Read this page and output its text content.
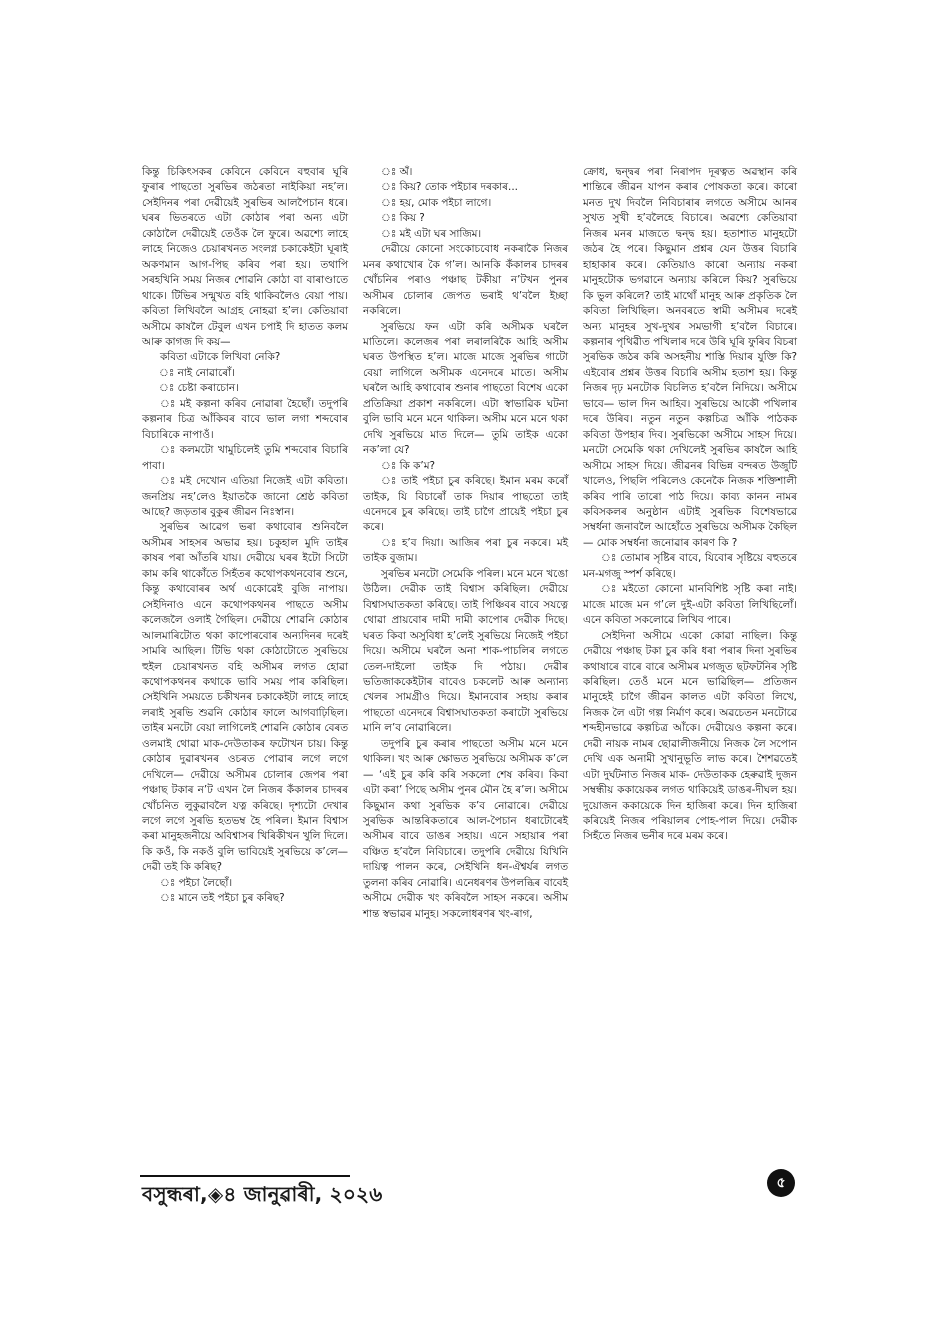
কিন্তু চিকিৎসকৰ কেবিনে কেবিনে বহুবাৰ ঘূৰি ফুৰাৰ পাছতো সুৰভিৰ জঠৰতা নাইকিয়া নহ’ল। সেইদিনৰ পৰা দেৱীয়েই সুৰভিৰ আলপৈচান ধৰে। ঘৰৰ ভিতৰতে এটা কোঠাৰ পৰা অন্য এটা কোঠালৈ দেৱীয়েই তেওঁক লৈ ফুৰে। অৱশ্যে লাহে লাহে নিজেও চেয়াৰখনত সংলগ্ন চকাকেইটা ঘূৰাই অকণমান আগ-পিছ কৰিব পৰা হয়। তথাপি সৰহখিনি সময় নিজৰ শোৱনি কোঠা বা বাৰাণ্ডাতে থাকে। টিভিৰ সন্মুখত বহি থাকিবলৈও বেয়া পায়। কবিতা লিখিবলৈ আগ্ৰহ নোহৱা হ’ল। কেতিয়াবা অসীমে কাষলৈ টেবুল এখন চপাই দি হাতত কলম আৰু কাগজ দি কয়—

কবিতা এটাকে লিখিবা নেকি?

ঃ নাই নোৱাৰোঁ।

ঃ চেষ্টা কৰাচোন।

ঃ মই কল্পনা কৰিব নোৱাৰা হৈছোঁ। তদুপৰি কল্পনাৰ চিত্ৰ আঁকিবৰ বাবে ভাল লগা শব্দবোৰ বিচাৰিকে নাপাওঁ।

ঃ কলমটো খামুচিলেই তুমি শব্দবোৰ বিচাৰি পাবা।

ঃ মই দেখোন এতিয়া নিজেই এটা কবিতা। জনপ্ৰিয় নহ’লেও ইয়াতকৈ জানো শ্ৰেষ্ঠ কবিতা আছে? জড়তাৰ বুকুৰ জীৱন নিঃস্বান।

সুৰভিৰ আৱেগ ভৰা কথাবোৰ শুনিবলৈ অসীমৰ সাহসৰ অভাৱ হয়। চকুহাল মুদি তাইৰ কাষৰ পৰা আঁতৰি যায়। দেৱীয়ে ঘৰৰ ইটো সিটো কাম কৰি থাকোঁতে সিহঁতৰ কথোপকথনবোৰ শুনে, কিন্তু কথাবোৰৰ অৰ্থ একোৱেই বুজি নাপায়। সেইদিনাও এনে কথোপকথনৰ পাছতে অসীম কলেজলৈ ওলাই গৈছিল। দেৱীয়ে শোৱনি কোঠাৰ আলমাৰিটোত থকা কাপোৰবোৰ অন্যদিনৰ দৰেই সামৰি আছিল। টিভি থকা কোঠাটোতে সুৰভিয়ে হুইল চেয়াৰখনত বহি অসীমৰ লগত হোৱা কথোপকথনৰ কথাকে ভাবি সময় পাৰ কৰিছিল। সেইখিনি সময়তে চকীখনৰ চকাকেইটা লাহে লাহে লৰাই সুৰভি শুৱনি কোঠাৰ ফালে আগবাঢ়িছিল। তাইৰ মনটো বেয়া লাগিলেই শোৱনি কোঠাৰ বেৰত ওলমাই থোৱা মাক-দেউতাকৰ ফটোখন চায়। কিন্তু কোঠাৰ দুৱাৰখনৰ ওচৰত পোৱাৰ লগে লগে দেখিলে— দেৱীয়ে অসীমৰ চোলাৰ জেপৰ পৰা পঞ্চাছ টকাৰ ন’ট এখন লৈ নিজৰ কঁকালৰ চাদৰৰ খোঁচনিত লুকুৱাবলৈ যত্ন কৰিছে। দৃশ্যটো দেখাৰ লগে লগে সুৰভি হতভম্ব হৈ পৰিল। ইমান বিশ্বাস কৰা মানুহজনীয়ে অবিশ্বাসৰ খিৰিকীখন খুলি দিলে। কি কওঁ, কি নকওঁ বুলি ভাবিয়েই সুৰভিয়ে ক’লে— দেৱী তই কি কৰিছ?

ঃ পইচা লৈছোঁ।

ঃ মানে তই পইচা চুৰ কৰিছ?

ঃ অঁ।

ঃ কিয়? তোক পইচাৰ দৰকাৰ...

ঃ হয়, মোক পইচা লাগে।

ঃ কিয় ?

ঃ মই এটা ঘৰ সাজিম।

দেৱীয়ে কোনো সংকোচবোধ নকৰাকৈ নিজৰ মনৰ কথাখোৰ কৈ গ’ল। আনকি কঁকালৰ চাদৰৰ খোঁচনিৰ পৰাও পঞ্চাছ টকীয়া ন’টখন পুনৰ অসীমৰ চোলাৰ জেপত ভৰাই থ’বলৈ ইচ্ছা নকৰিলে।

সুৰভিয়ে ফন এটা কৰি অসীমক ঘৰলৈ মাতিলে। কলেজৰ পৰা লৰালৰিকৈ আহি অসীম ঘৰত উপস্থিত হ’ল। মাজে মাজে সুৰভিৰ গাটো বেয়া লাগিলে অসীমক এনেদৰে মাতে। অসীম ঘৰলৈ আহি কথাবোৰ শুনাৰ পাছতো বিশেষ একো প্ৰতিক্ৰিয়া প্ৰকাশ নকৰিলে। এটা স্বাভাৱিক ঘটনা বুলি ভাবি মনে মনে থাকিল। অসীম মনে মনে থকা দেখি সুৰভিয়ে মাত দিলে— তুমি তাইক একো নক’লা যে?

ঃ কি ক’ম?

ঃ তাই পইচা চুৰ কৰিছে। ইমান মৰম কৰোঁ তাইক, যি বিচাৰোঁ তাক দিয়াৰ পাছতো তাই এনেদৰে চুৰ কৰিছে। তাই চাগৈ প্ৰায়েই পইচা চুৰ কৰে।

ঃ হ’ব দিয়া। আজিৰ পৰা চুৰ নকৰে। মই তাইক বুজাম।

সুৰভিৰ মনটো সেমেকি পৰিল। মনে মনে খঙো উঠিল। দেৱীক তাই বিশ্বাস কৰিছিল। দেৱীয়ে বিশ্বাসঘাতকতা কৰিছে। তাই পিঞ্চিবৰ বাবে সযত্নে থোৱা প্ৰায়বোৰ দামী দামী কাপোৰ দেৱীক দিছে। ঘৰত কিবা অসুবিধা হ’লেই সুৰভিয়ে নিজেই পইচা দিয়ে। অসীমে ঘৰলৈ অনা শাক-পাচলিৰ লগতে তেল-দাইলো তাইক দি পঠায়। দেৱীৰ ভতিজাককেইটাৰ বাবেও চকলেট আৰু অন্যান্য খেলৰ সামগ্ৰীও দিয়ে। ইমানবোৰ সহায় কৰাৰ পাছতো এনেদৰে বিশ্বাসঘাতকতা কৰাটো সুৰভিয়ে মানি ল’ব নোৱাৰিলে।

তদুপৰি চুৰ কৰাৰ পাছতো অসীম মনে মনে থাকিল। খং আৰু ক্ষোভত সুৰভিয়ে অসীমক ক’লে— ‘এই চুৰ কৰি কৰি সকলো শেষ কৰিব। কিবা এটা কৰা’ পিছে অসীম পুনৰ মৌন হৈ ৰ’ল। অসীমে কিছুমান কথা সুৰভিক ক’ব নোৱাৰে। দেৱীয়ে সুৰভিক আন্তৰিকতাৰে আল-পৈচান ধৰাটোৰেই অসীমৰ বাবে ডাঙৰ সহায়। এনে সহায়াৰ পৰা বঞ্চিত হ’বলৈ নিবিচাৰে। তদুপৰি দেৱীয়ে যিখিনি দায়িত্ব পালন কৰে, সেইখিনি ধন-ঐশ্বৰ্যৰ লগত তুলনা কৰিব নোৱাৰি। এনেধৰণৰ উপলব্ধিৰ বাবেই অসীমে দেৱীক খং কৰিবলৈ সাহস নকৰে। অসীম শান্ত স্বভাৱৰ মানুহ। সকলোধৰণৰ খং-ৰাগ,

ক্ৰোধ, দ্বন্দ্বৰ পৰা নিৰাপদ দূৰত্বত অৱস্থান কৰি শান্তিৰে জীৱন যাপন কৰাৰ পোষকতা কৰে। কাৰো মনত দুখ দিবলৈ নিবিচাৰাৰ লগতে অসীমে আনৰ সুখত সুখী হ’বলৈহে বিচাৰে। অৱশ্যে কেতিয়াবা নিজৰ মনৰ মাজতে দ্বন্দ্ব হয়। হতাশাত মানুহটো জঠৰ হৈ পৰে। কিছুমান প্ৰশ্নৰ যেন উত্তৰ বিচাৰি হাহাকাৰ কৰে। কেতিয়াও কাৰো অন্যায় নকৰা মানুহটোক ভগৱানে অন্যায় কৰিলে কিয়? সুৰভিয়ে কি ভুল কৰিলে? তাই মাথোঁ মানুহ আৰু প্ৰকৃতিক লৈ কবিতা লিখিছিল। অনবৰতে স্বামী অসীমৰ দৰেই অন্য মানুহৰ সুখ-দুখৰ সমভাগী হ’বলৈ বিচাৰে। কল্পনাৰ পৃথিৱীত পখিলাৰ দৰে উৰি ঘূৰি ফুৰিব বিচৰা সুৰভিক জঠৰ কৰি অসহনীয় শাস্তি দিয়াৰ যুক্তি কি? এইবোৰ প্ৰশ্নৰ উত্তৰ বিচাৰি অসীম হতাশ হয়। কিন্তু নিজৰ দৃঢ় মনটোক বিচলিত হ’বলৈ নিদিয়ে। অসীমে ভাবে— ভাল দিন আহিব। সুৰভিয়ে আকৌ পখিলাৰ দৰে উৰিব। নতুন নতুন কল্পচিত্ৰ আঁকি পাঠকক কবিতা উপহাৰ দিব। সুৰভিকো অসীমে সাহস দিয়ে। মনটো সেমেকি থকা দেখিলেই সুৰভিৰ কাষলৈ আহি অসীমে সাহস দিয়ে। জীৱনৰ বিভিন্ন বন্দৰত উজুটি খালেও, পিছলি পৰিলেও কেনেকৈ নিজক শক্তিশালী কৰিব পাৰি তাৰো পাঠ দিয়ে। কাব্য কানন নামৰ কবিসকলৰ অনুষ্ঠান এটাই সুৰভিক বিশেষভাৱে সম্বৰ্ধনা জনাবলৈ আহোঁতে সুৰভিয়ে অসীমক কৈছিল— মোক সম্বৰ্ধনা জনোৱাৰ কাৰণ কি ?

ঃ তোমাৰ সৃষ্টিৰ বাবে, যিবোৰ সৃষ্টিয়ে বহুতৰে মন-মগজু স্পৰ্শ কৰিছে।

ঃ মইতো কোনো মানবিশিষ্ট সৃষ্টি কৰা নাই। মাজে মাজে মন গ’লে দুই-এটা কবিতা লিখিছিলোঁ। এনে কবিতা সকলোৱে লিখিব পাৰে।

সেইদিনা অসীমে একো কোৱা নাছিল। কিন্তু দেৱীয়ে পঞ্চাছ টকা চুৰ কৰি ধৰা পৰাৰ দিনা সুৰভিৰ কথাষাৰে বাৰে বাৰে অসীমৰ মগজুত ছটফটনিৰ সৃষ্টি কৰিছিল। তেওঁ মনে মনে ভাৱিছিল— প্ৰতিজন মানুহেই চাগৈ জীৱন কালত এটা কবিতা লিখে, নিজক লৈ এটা গল্প নিৰ্মাণ কৰে। অৱচেতন মনটোৱে শব্দহীনভাৱে কল্পচিত্ৰ আঁকে। দেৱীয়েও কল্পনা কৰে। দেৱী নায়ক নামৰ ছোৱালীজনীয়ে নিজক লৈ সপোন দেখি এক অনামী সুখানুভূতি লাভ কৰে। শৈশৱতেই এটা দুৰ্ঘটনাত নিজৰ মাক- দেউতাকক হেৰুৱাই দুজন সম্বন্ধীয় ককায়েকৰ লগত থাকিয়েই ডাঙৰ-দীঘল হয়। দুয়োজন ককায়েকে দিন হাজিৰা কৰে। দিন হাজিৰা কৰিয়েই নিজৰ পৰিয়ালৰ পোহ-পাল দিয়ে। দেৱীক সিহঁতে নিজৰ ভনীৰ দৰে মৰম কৰে।

বসুন্ধৰা,◈৪ জানুৱাৰী, ২০২৬	৫
